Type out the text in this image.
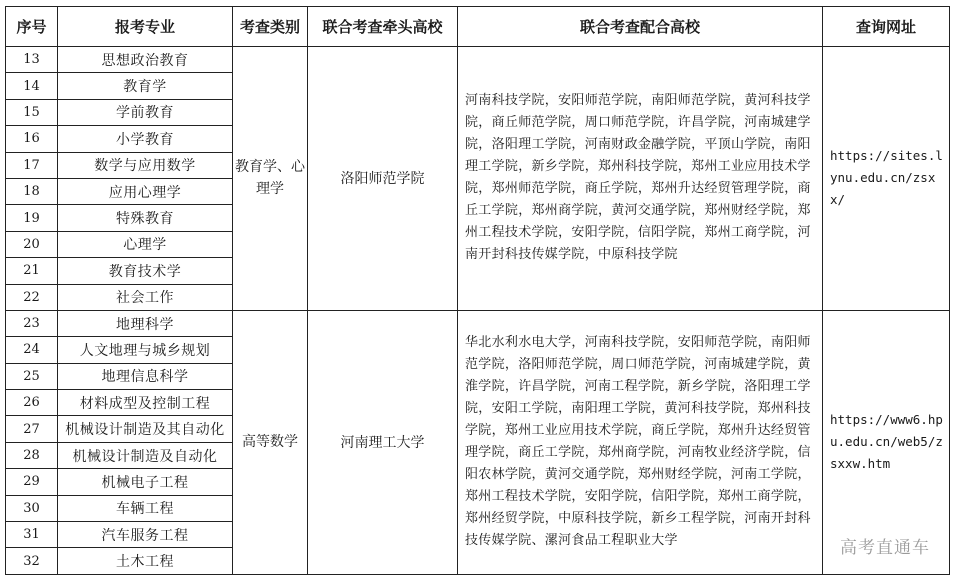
序号	报考专业	考查类别	联合考查牵头高校	联合考查配合高校	查询网址
13	思想政治教育	教育学、心理学	洛阳师范学院	河南科技学院，安阳师范学院，南阳师范学院，黄河科技学院，商丘师范学院，周口师范学院，许昌学院，河南城建学院，洛阳理工学院，河南财政金融学院，平顶山学院，南阳理工学院，新乡学院，郑州科技学院，郑州工业应用技术学院，郑州师范学院，商丘学院，郑州升达经贸管理学院，商丘工学院，郑州商学院，黄河交通学院，郑州财经学院，郑州工程技术学院，安阳学院，信阳学院，郑州工商学院，河南开封科技传媒学院，中原科技学院	https://sites.lynu.edu.cn/zsxx/
14	教育学				
15	学前教育				
16	小学教育				
17	数学与应用数学				
18	应用心理学				
19	特殊教育				
20	心理学				
21	教育技术学				
22	社会工作				
23	地理科学	高等数学	河南理工大学	华北水利水电大学，河南科技学院，安阳师范学院，南阳师范学院，洛阳师范学院，周口师范学院，河南城建学院，黄淮学院，许昌学院，河南工程学院，新乡学院，洛阳理工学院，安阳工学院，南阳理工学院，黄河科技学院，郑州科技学院，郑州工业应用技术学院，商丘学院，郑州升达经贸管理学院，商丘工学院，郑州商学院，河南牧业经济学院，信阳农林学院，黄河交通学院，郑州财经学院，河南工学院，郑州工程技术学院，安阳学院，信阳学院，郑州工商学院，郑州经贸学院，中原科技学院，新乡工程学院，河南开封科技传媒学院、漯河食品工程职业大学	https://www6.hpu.edu.cn/web5/zsxxw.htm
24	人文地理与城乡规划				
25	地理信息科学				
26	材料成型及控制工程				
27	机械设计制造及其自动化				
28	机械设计制造及自动化				
29	机械电子工程				
30	车辆工程				
31	汽车服务工程				
32	土木工程				
高考直通车
